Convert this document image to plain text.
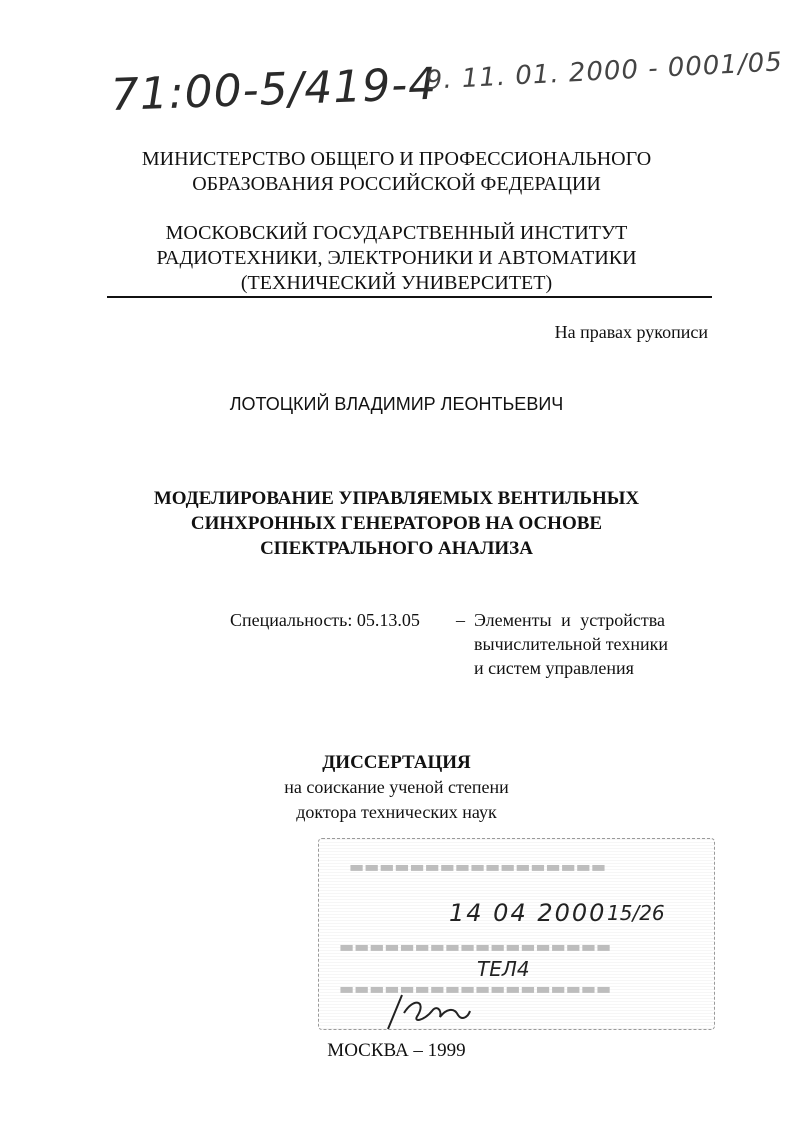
71:00-5/419-4
9. 11. 01. 2000 - 0001/05
МИНИСТЕРСТВО ОБЩЕГО И ПРОФЕССИОНАЛЬНОГО
ОБРАЗОВАНИЯ РОССИЙСКОЙ ФЕДЕРАЦИИ
МОСКОВСКИЙ ГОСУДАРСТВЕННЫЙ ИНСТИТУТ
РАДИОТЕХНИКИ, ЭЛЕКТРОНИКИ И АВТОМАТИКИ
(ТЕХНИЧЕСКИЙ УНИВЕРСИТЕТ)
На правах рукописи
ЛОТОЦКИЙ ВЛАДИМИР ЛЕОНТЬЕВИЧ
МОДЕЛИРОВАНИЕ УПРАВЛЯЕМЫХ ВЕНТИЛЬНЫХ
СИНХРОННЫХ ГЕНЕРАТОРОВ НА ОСНОВЕ
СПЕКТРАЛЬНОГО АНАЛИЗА
Специальность: 05.13.05 – Элементы и устройства
вычислительной техники
и систем управления
ДИССЕРТАЦИЯ
на соискание ученой степени
доктора технических наук
▬▬▬▬▬▬▬▬▬▬▬▬▬▬▬▬▬
▬▬▬▬▬▬▬▬▬▬▬▬▬▬▬▬▬▬
▬▬▬▬▬▬▬▬▬▬▬▬▬▬▬▬▬▬
14 04 2000 15/26
ТЕЛ4
МОСКВА – 1999
